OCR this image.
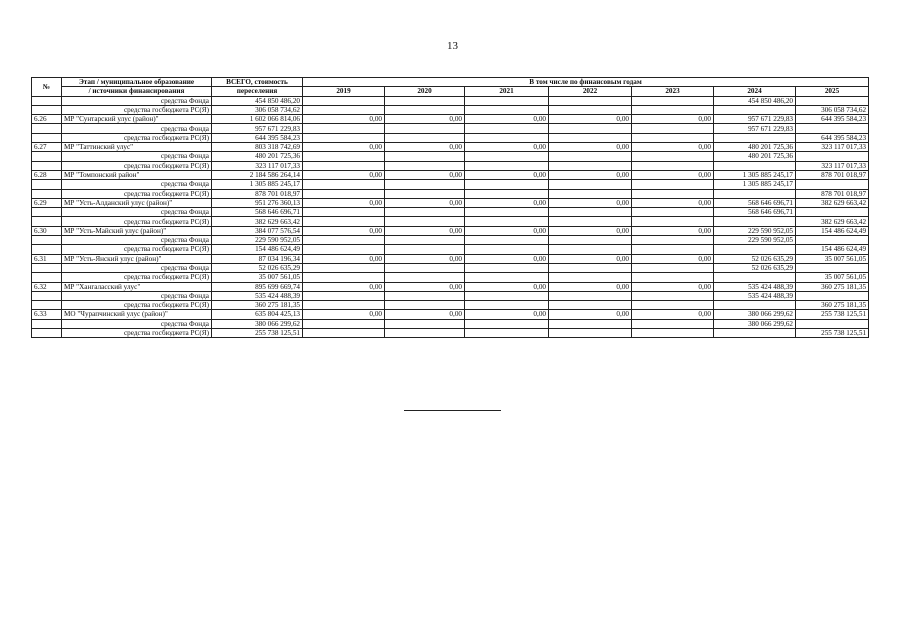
13
№	Этап / муниципальное образование	ВСЕГО, стоимость	В том числе по финансовым годам						
	/ источники финансирования	переселения	2019	2020	2021	2022	2023	2024	2025
	средства Фонда	454 850 486,20						454 850 486,20	
	средства госбюджета РС(Я)	306 058 734,62							306 058 734,62
6.26	МР "Сунтарский улус (район)"	1 602 066 814,06	0,00	0,00	0,00	0,00	0,00	957 671 229,83	644 395 584,23
	средства Фонда	957 671 229,83						957 671 229,83	
	средства госбюджета РС(Я)	644 395 584,23							644 395 584,23
6.27	МР "Таттинский улус"	803 318 742,69	0,00	0,00	0,00	0,00	0,00	480 201 725,36	323 117 017,33
	средства Фонда	480 201 725,36						480 201 725,36	
	средства госбюджета РС(Я)	323 117 017,33							323 117 017,33
6.28	МР "Томпонский район"	2 184 586 264,14	0,00	0,00	0,00	0,00	0,00	1 305 885 245,17	878 701 018,97
	средства Фонда	1 305 885 245,17						1 305 885 245,17	
	средства госбюджета РС(Я)	878 701 018,97							878 701 018,97
6.29	МР "Усть-Алданский улус (район)"	951 276 360,13	0,00	0,00	0,00	0,00	0,00	568 646 696,71	382 629 663,42
	средства Фонда	568 646 696,71						568 646 696,71	
	средства госбюджета РС(Я)	382 629 663,42							382 629 663,42
6.30	МР "Усть-Майский улус (район)"	384 077 576,54	0,00	0,00	0,00	0,00	0,00	229 590 952,05	154 486 624,49
	средства Фонда	229 590 952,05						229 590 952,05	
	средства госбюджета РС(Я)	154 486 624,49							154 486 624,49
6.31	МР "Усть-Янский улус (район)"	87 034 196,34	0,00	0,00	0,00	0,00	0,00	52 026 635,29	35 007 561,05
	средства Фонда	52 026 635,29						52 026 635,29	
	средства госбюджета РС(Я)	35 007 561,05							35 007 561,05
6.32	МР "Хангаласский улус"	895 699 669,74	0,00	0,00	0,00	0,00	0,00	535 424 488,39	360 275 181,35
	средства Фонда	535 424 488,39						535 424 488,39	
	средства госбюджета РС(Я)	360 275 181,35							360 275 181,35
6.33	МО "Чурапчинский улус (район)"	635 804 425,13	0,00	0,00	0,00	0,00	0,00	380 066 299,62	255 738 125,51
	средства Фонда	380 066 299,62						380 066 299,62	
	средства госбюджета РС(Я)	255 738 125,51							255 738 125,51
